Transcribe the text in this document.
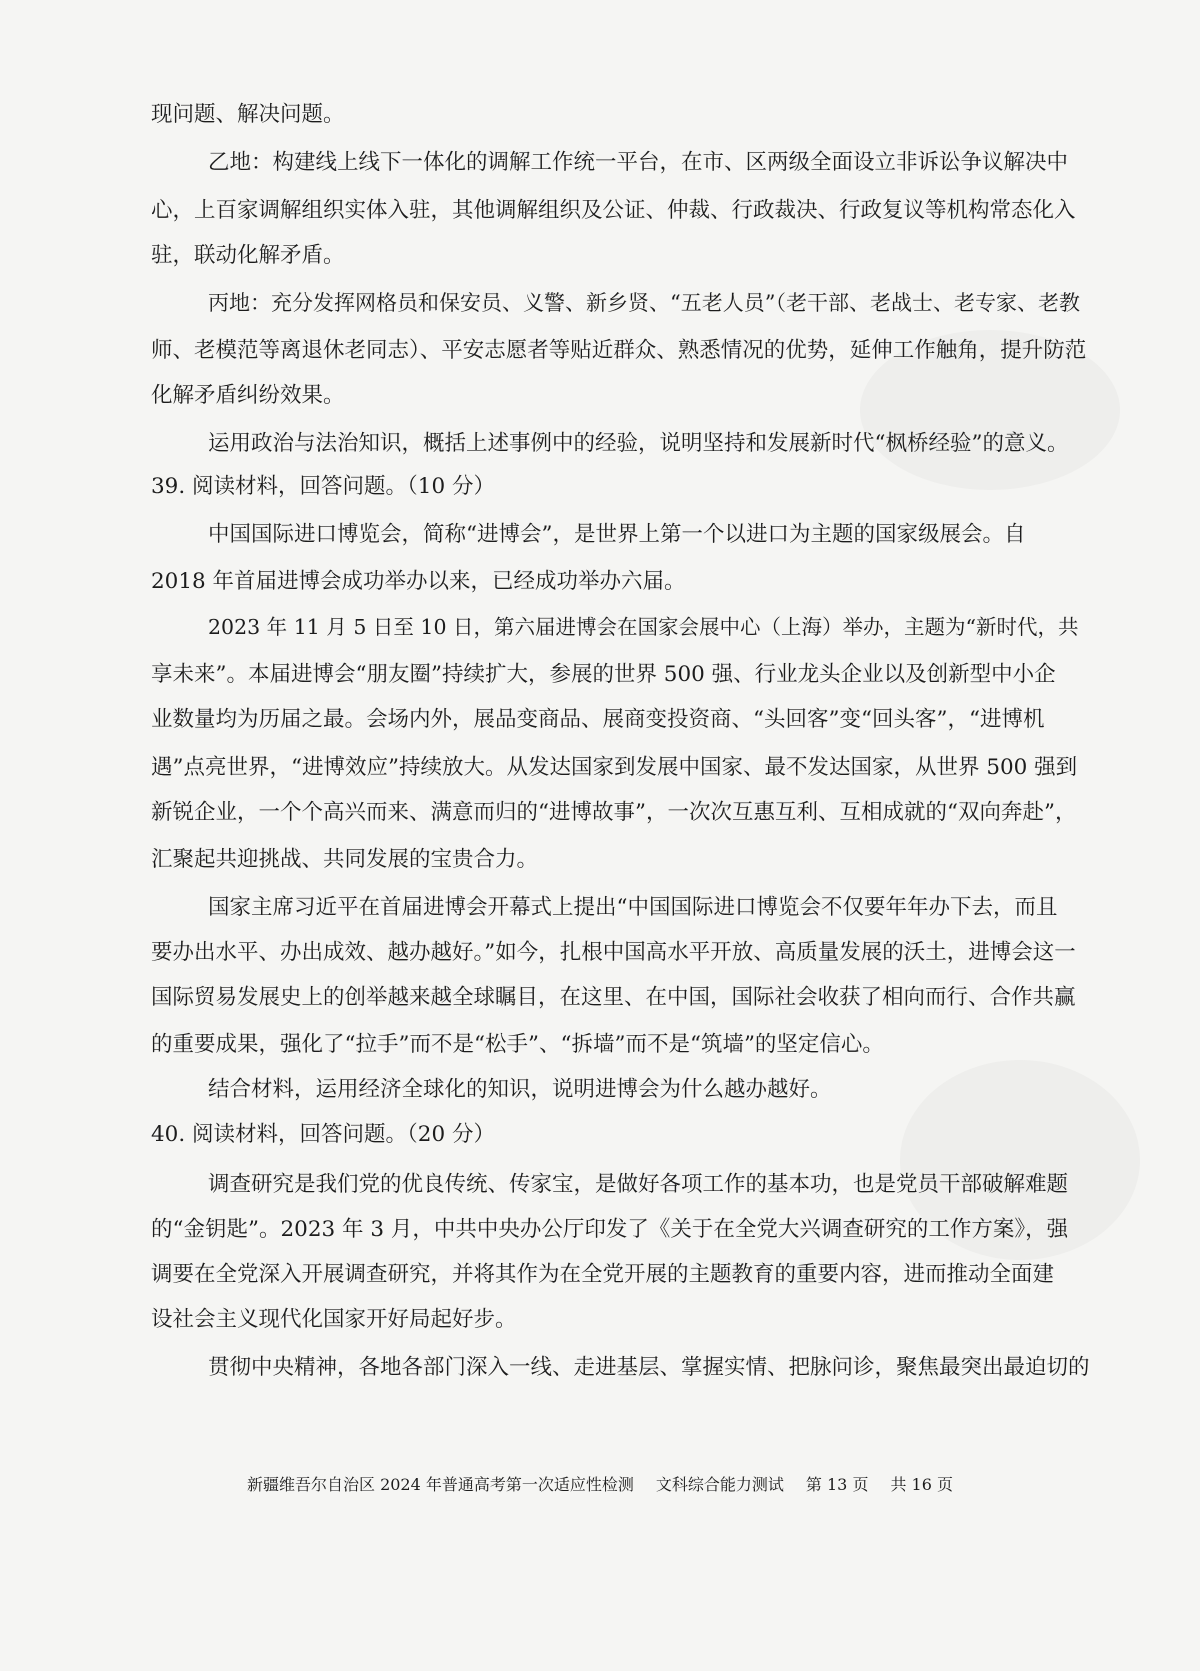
现问题、解决问题。
乙地：构建线上线下一体化的调解工作统一平台，在市、区两级全面设立非诉讼争议解决中
心，上百家调解组织实体入驻，其他调解组织及公证、仲裁、行政裁决、行政复议等机构常态化入
驻，联动化解矛盾。
丙地：充分发挥网格员和保安员、义警、新乡贤、“五老人员”（老干部、老战士、老专家、老教
师、老模范等离退休老同志）、平安志愿者等贴近群众、熟悉情况的优势，延伸工作触角，提升防范
化解矛盾纠纷效果。
运用政治与法治知识，概括上述事例中的经验，说明坚持和发展新时代“枫桥经验”的意义。
39. 阅读材料，回答问题。（10 分）
中国国际进口博览会，简称“进博会”，是世界上第一个以进口为主题的国家级展会。自
2018 年首届进博会成功举办以来，已经成功举办六届。
2023 年 11 月 5 日至 10 日，第六届进博会在国家会展中心（上海）举办，主题为“新时代，共
享未来”。本届进博会“朋友圈”持续扩大，参展的世界 500 强、行业龙头企业以及创新型中小企
业数量均为历届之最。会场内外，展品变商品、展商变投资商、“头回客”变“回头客”，“进博机
遇”点亮世界，“进博效应”持续放大。从发达国家到发展中国家、最不发达国家，从世界 500 强到
新锐企业，一个个高兴而来、满意而归的“进博故事”，一次次互惠互利、互相成就的“双向奔赴”，
汇聚起共迎挑战、共同发展的宝贵合力。
国家主席习近平在首届进博会开幕式上提出“中国国际进口博览会不仅要年年办下去，而且
要办出水平、办出成效、越办越好。”如今，扎根中国高水平开放、高质量发展的沃土，进博会这一
国际贸易发展史上的创举越来越全球瞩目，在这里、在中国，国际社会收获了相向而行、合作共赢
的重要成果，强化了“拉手”而不是“松手”、“拆墙”而不是“筑墙”的坚定信心。
结合材料，运用经济全球化的知识，说明进博会为什么越办越好。
40. 阅读材料，回答问题。（20 分）
调查研究是我们党的优良传统、传家宝，是做好各项工作的基本功，也是党员干部破解难题
的“金钥匙”。2023 年 3 月，中共中央办公厅印发了《关于在全党大兴调查研究的工作方案》，强
调要在全党深入开展调查研究，并将其作为在全党开展的主题教育的重要内容，进而推动全面建
设社会主义现代化国家开好局起好步。
贯彻中央精神，各地各部门深入一线、走进基层、掌握实情、把脉问诊，聚焦最突出最迫切的
新疆维吾尔自治区 2024 年普通高考第一次适应性检测 文科综合能力测试 第 13 页 共 16 页
